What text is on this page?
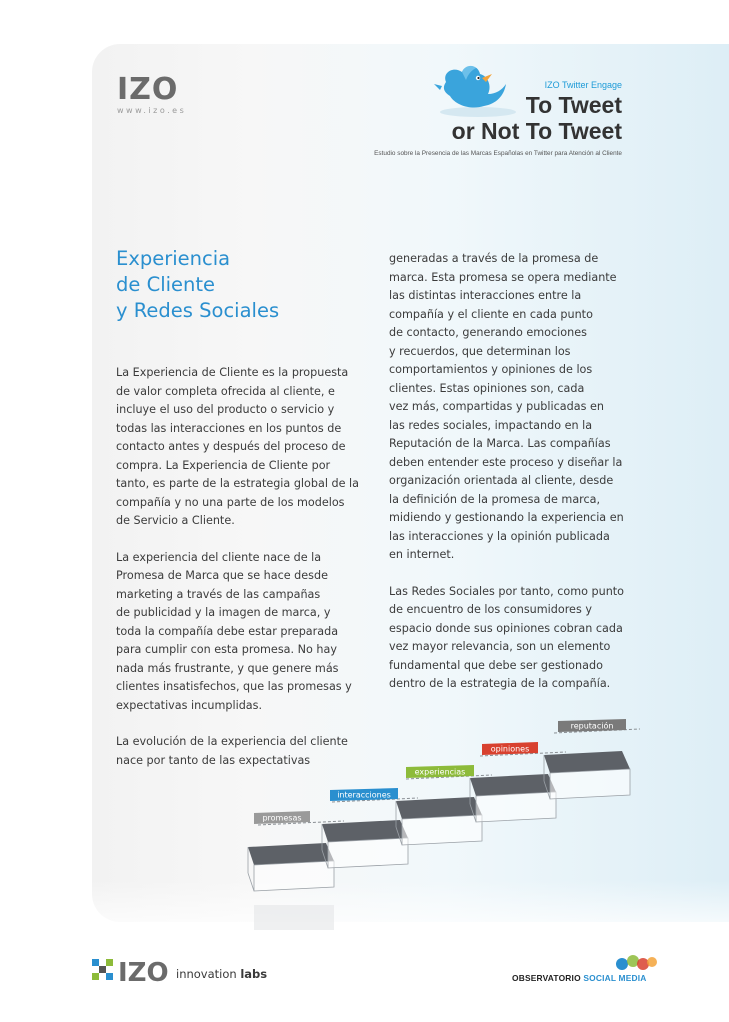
IZO
www.izo.es
IZO Twitter Engage
To Tweet
or Not To Tweet
Estudio sobre la Presencia de las Marcas Españolas en Twitter para Atención al Cliente
Experiencia
de Cliente
y Redes Sociales

La Experiencia de Cliente es la propuesta
de valor completa ofrecida al cliente, e
incluye el uso del producto o servicio y
todas las interacciones en los puntos de
contacto antes y después del proceso de
compra. La Experiencia de Cliente por
tanto, es parte de la estrategia global de la
compañía y no una parte de los modelos
de Servicio a Cliente.

La experiencia del cliente nace de la
Promesa de Marca que se hace desde
marketing a través de las campañas
de publicidad y la imagen de marca, y
toda la compañía debe estar preparada
para cumplir con esta promesa. No hay
nada más frustrante, y que genere más
clientes insatisfechos, que las promesas y
expectativas incumplidas.

La evolución de la experiencia del cliente
nace por tanto de las expectativas

generadas a través de la promesa de
marca. Esta promesa se opera mediante
las distintas interacciones entre la
compañía y el cliente en cada punto
de contacto, generando emociones
y recuerdos, que determinan los
comportamientos y opiniones de los
clientes. Estas opiniones son, cada
vez más, compartidas y publicadas en
las redes sociales, impactando en la
Reputación de la Marca. Las compañías
deben entender este proceso y diseñar la
organización orientada al cliente, desde
la definición de la promesa de marca,
midiendo y gestionando la experiencia en
las interacciones y la opinión publicada
en internet.

Las Redes Sociales por tanto, como punto
de encuentro de los consumidores y
espacio donde sus opiniones cobran cada
vez mayor relevancia, son un elemento
fundamental que debe ser gestionado
dentro de la estrategia de la compañía.

promesas
interacciones
experiencias
opiniones
reputación
IZO innovation labs	OBSERVATORIO SOCIAL MEDIA
